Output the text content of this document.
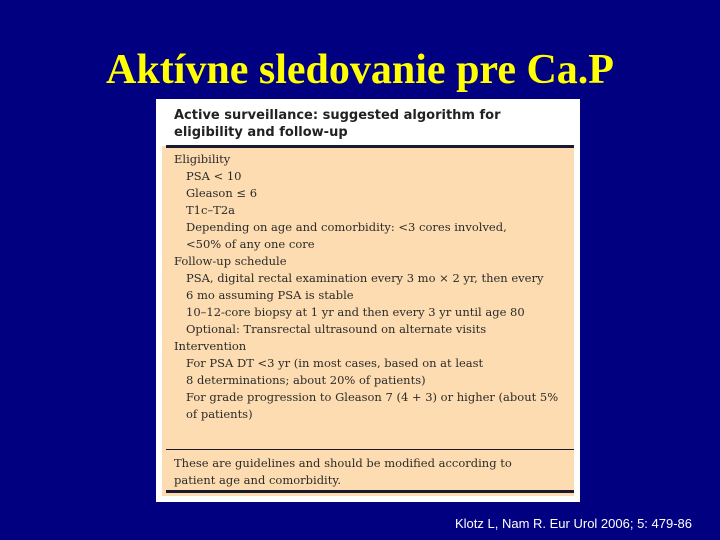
Aktívne sledovanie pre Ca.P
Active surveillance: suggested algorithm for
eligibility and follow-up
Eligibility
PSA < 10
Gleason ≤ 6
T1c–T2a
Depending on age and comorbidity: <3 cores involved,
<50% of any one core
Follow-up schedule
PSA, digital rectal examination every 3 mo × 2 yr, then every
6 mo assuming PSA is stable
10–12-core biopsy at 1 yr and then every 3 yr until age 80
Optional: Transrectal ultrasound on alternate visits
Intervention
For PSA DT <3 yr (in most cases, based on at least
8 determinations; about 20% of patients)
For grade progression to Gleason 7 (4 + 3) or higher (about 5%
of patients)
These are guidelines and should be modified according to
patient age and comorbidity.
Klotz L, Nam R. Eur Urol 2006; 5: 479-86
